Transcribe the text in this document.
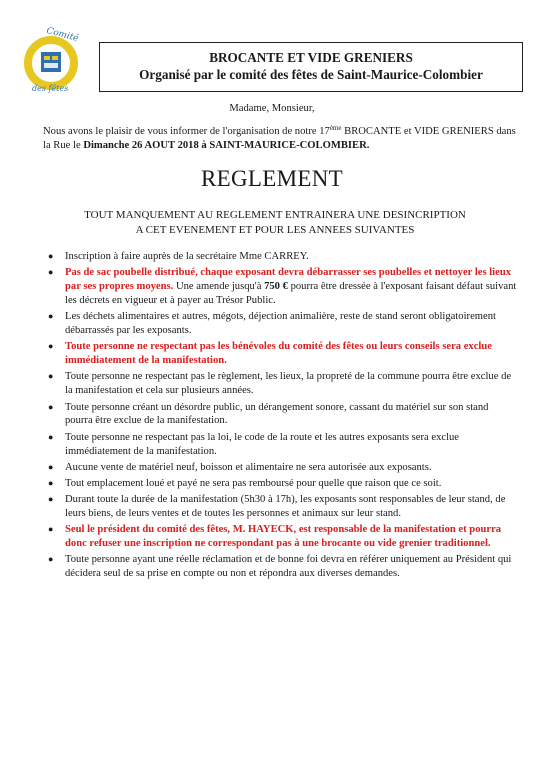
Comité
des fêtes
BROCANTE ET VIDE GRENIERS
Organisé par le comité des fêtes de Saint-Maurice-Colombier
Madame, Monsieur,
Nous avons le plaisir de vous informer de l'organisation de notre 17ème BROCANTE et VIDE GRENIERS dans la Rue le Dimanche 26 AOUT 2018 à SAINT-MAURICE-COLOMBIER.
REGLEMENT
TOUT MANQUEMENT AU REGLEMENT ENTRAINERA UNE DESINCRIPTION
A CET EVENEMENT ET POUR LES ANNEES SUIVANTES
● Inscription à faire auprès de la secrétaire Mme CARREY.
● Pas de sac poubelle distribué, chaque exposant devra débarrasser ses poubelles et nettoyer les lieux par ses propres moyens. Une amende jusqu'à 750 € pourra être dressée à l'exposant faisant défaut suivant les décrets en vigueur et à payer au Trésor Public.
● Les déchets alimentaires et autres, mégots, déjection animalière, reste de stand seront obligatoirement débarrassés par les exposants.
● Toute personne ne respectant pas les bénévoles du comité des fêtes ou leurs conseils sera exclue immédiatement de la manifestation.
● Toute personne ne respectant pas le règlement, les lieux, la propreté de la commune pourra être exclue de la manifestation et cela sur plusieurs années.
● Toute personne créant un désordre public, un dérangement sonore, cassant du matériel sur son stand pourra être exclue de la manifestation.
● Toute personne ne respectant pas la loi, le code de la route et les autres exposants sera exclue immédiatement de la manifestation.
● Aucune vente de matériel neuf, boisson et alimentaire ne sera autorisée aux exposants.
● Tout emplacement loué et payé ne sera pas remboursé pour quelle que raison que ce soit.
● Durant toute la durée de la manifestation (5h30 à 17h), les exposants sont responsables de leur stand, de leurs biens, de leurs ventes et de toutes les personnes et animaux sur leur stand.
● Seul le président du comité des fêtes, M. HAYECK, est responsable de la manifestation et pourra donc refuser une inscription ne correspondant pas à une brocante ou vide grenier traditionnel.
● Toute personne ayant une réelle réclamation et de bonne foi devra en référer uniquement au Président qui décidera seul de sa prise en compte ou non et répondra aux diverses demandes.
